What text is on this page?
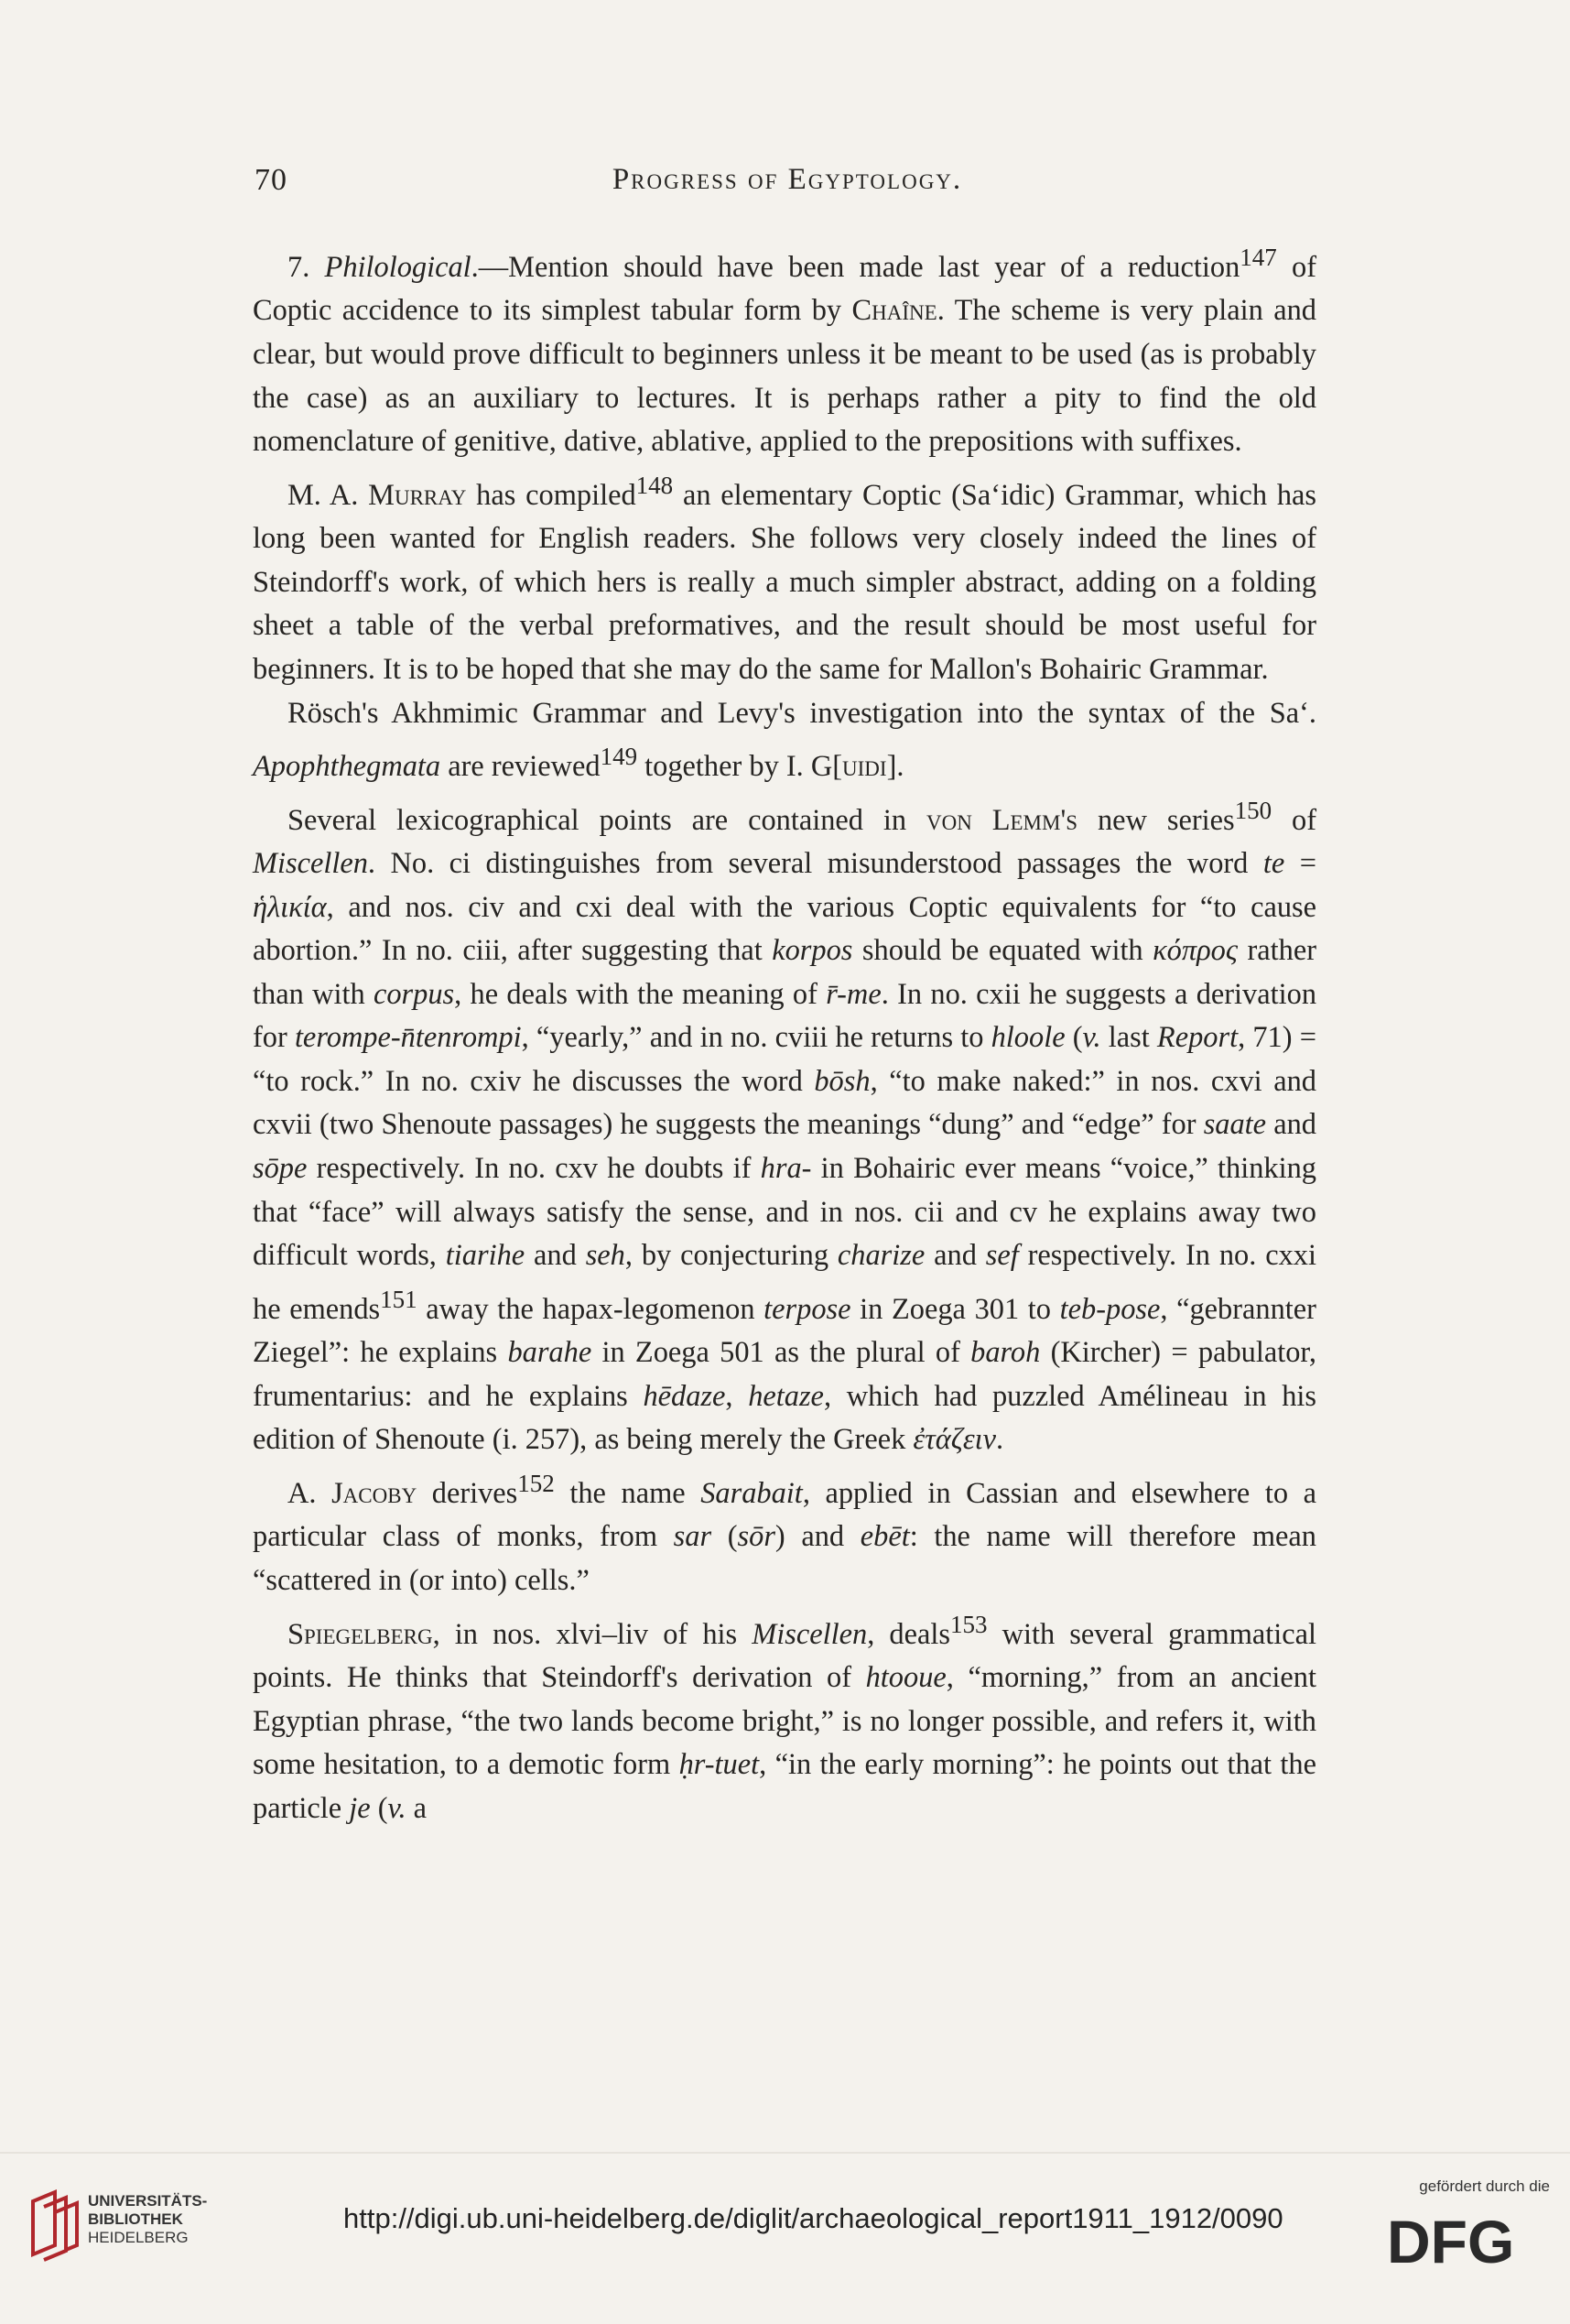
70	Progress of Egyptology.

7. Philological.—Mention should have been made last year of a reduction$^{147}$ of Coptic accidence to its simplest tabular form by Chaîne. The scheme is very plain and clear, but would prove difficult to beginners unless it be meant to be used (as is probably the case) as an auxiliary to lectures. It is perhaps rather a pity to find the old nomenclature of genitive, dative, ablative, applied to the prepositions with suffixes.

M. A. Murray has compiled$^{148}$ an elementary Coptic (Sa‘idic) Grammar, which has long been wanted for English readers. She follows very closely indeed the lines of Steindorff's work, of which hers is really a much simpler abstract, adding on a folding sheet a table of the verbal preformatives, and the result should be most useful for beginners. It is to be hoped that she may do the same for Mallon's Bohairic Grammar.

Rösch's Akhmimic Grammar and Levy's investigation into the syntax of the Sa‘. Apophthegmata are reviewed$^{149}$ together by I. G[uidi].

Several lexicographical points are contained in von Lemm's new series$^{150}$ of Miscellen. No. ci distinguishes from several misunderstood passages the word te = ἡλικία, and nos. civ and cxi deal with the various Coptic equivalents for “to cause abortion.” In no. ciii, after suggesting that korpos should be equated with κόπρος rather than with corpus, he deals with the meaning of r̄-me. In no. cxii he suggests a derivation for terompe-n̄tenrompi, “yearly,” and in no. cviii he returns to hloole (v. last Report, 71) = “to rock.” In no. cxiv he discusses the word bōsh, “to make naked:” in nos. cxvi and cxvii (two Shenoute passages) he suggests the meanings “dung” and “edge” for saate and sōpe respectively. In no. cxv he doubts if hra- in Bohairic ever means “voice,” thinking that “face” will always satisfy the sense, and in nos. cii and cv he explains away two difficult words, tiarihe and seh, by conjecturing charize and sef respectively. In no. cxxi he emends$^{151}$ away the hapax-legomenon terpose in Zoega 301 to teb-pose, “gebrannter Ziegel”: he explains barahe in Zoega 501 as the plural of baroh (Kircher) = pabulator, frumentarius: and he explains hēdaze, hetaze, which had puzzled Amélineau in his edition of Shenoute (i. 257), as being merely the Greek ἐτάζειν.

A. Jacoby derives$^{152}$ the name Sarabait, applied in Cassian and elsewhere to a particular class of monks, from sar (sōr) and ebēt: the name will therefore mean “scattered in (or into) cells.”

Spiegelberg, in nos. xlvi–liv of his Miscellen, deals$^{153}$ with several grammatical points. He thinks that Steindorff's derivation of htooue, “morning,” from an ancient Egyptian phrase, “the two lands become bright,” is no longer possible, and refers it, with some hesitation, to a demotic form ḥr-tuet, “in the early morning”: he points out that the particle je (v. a

UNIVERSITÄTS-
BIBLIOTHEK
HEIDELBERG
http://digi.ub.uni-heidelberg.de/diglit/archaeological_report1911_1912/0090
gefördert durch die
DFG
